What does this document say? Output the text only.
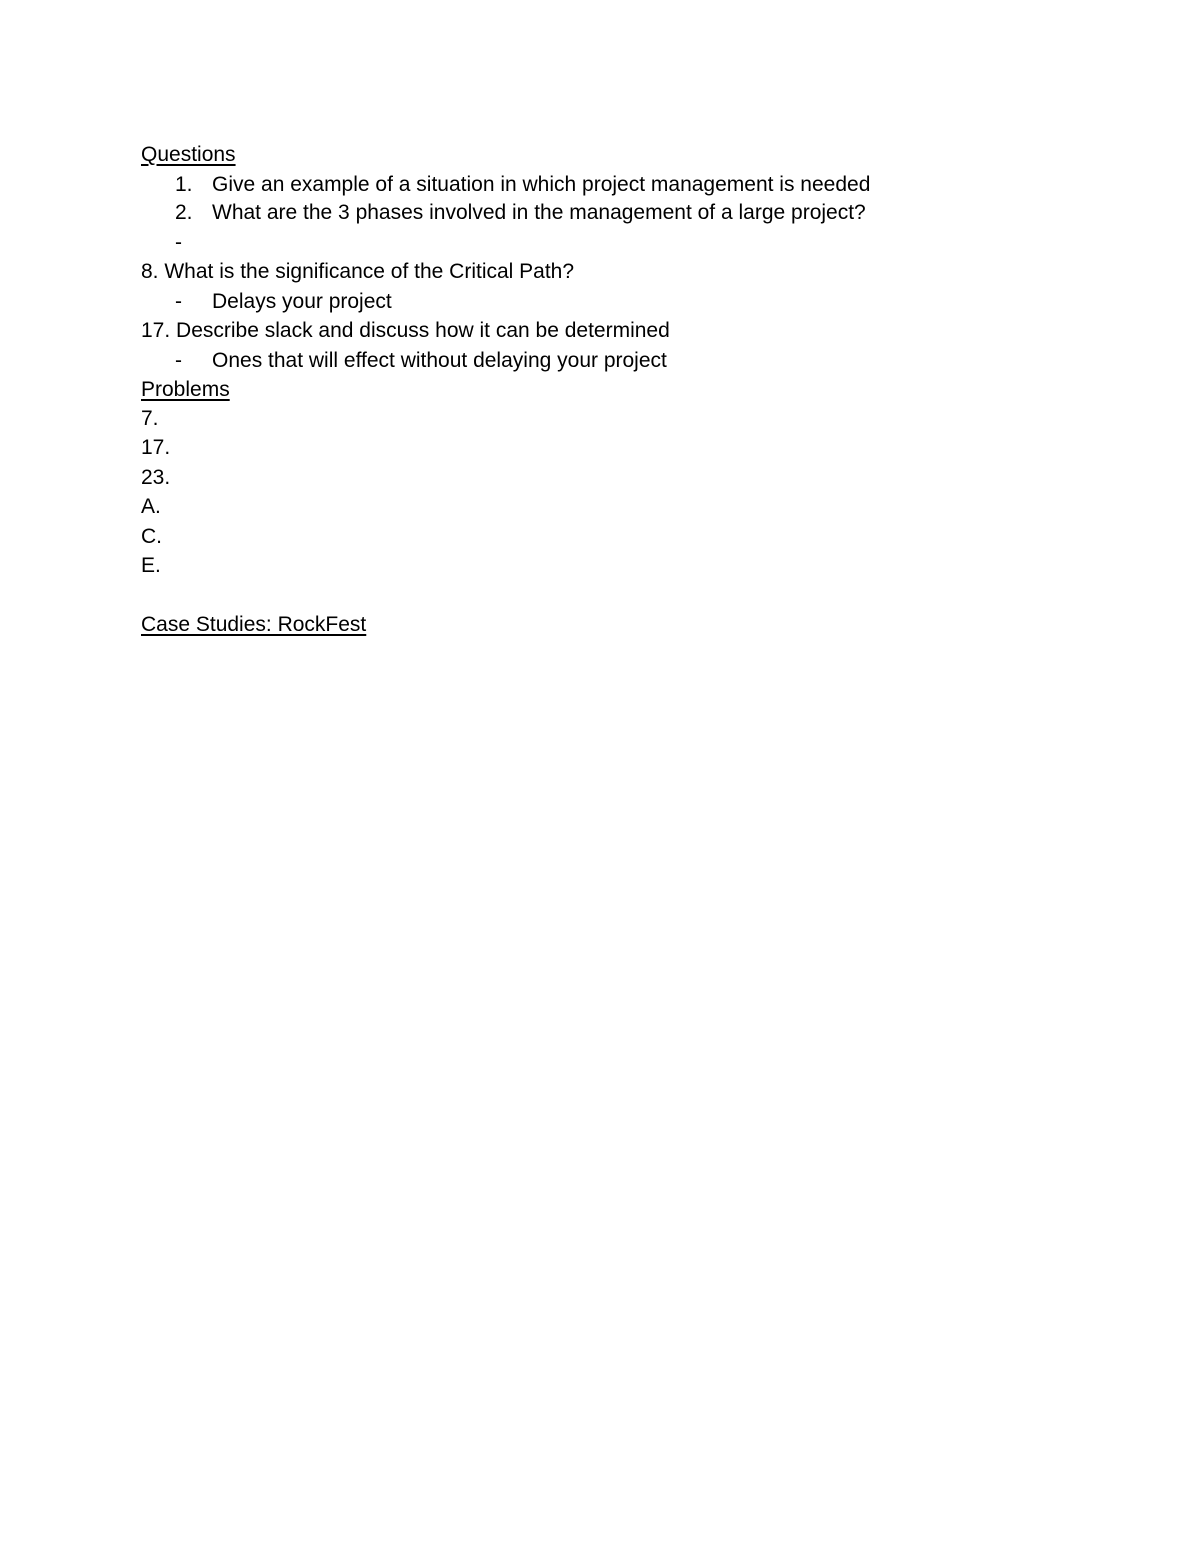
Questions
1. Give an example of a situation in which project management is needed
2. What are the 3 phases involved in the management of a large project?
-
8. What is the significance of the Critical Path?
- Delays your project
17. Describe slack and discuss how it can be determined
- Ones that will effect without delaying your project
Problems
7.
17.
23.
A.
C.
E.
Case Studies: RockFest
